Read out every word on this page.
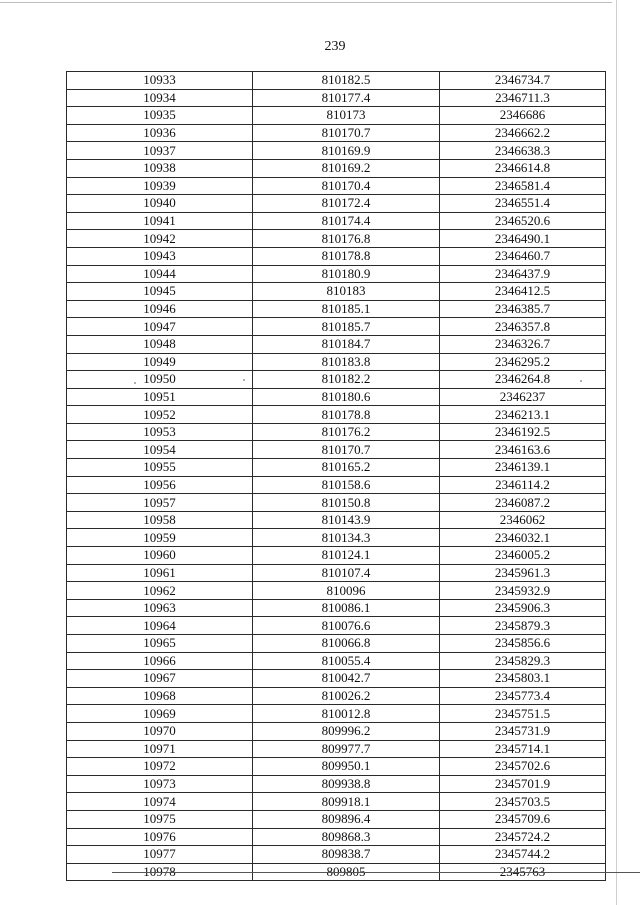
239
10933	810182.5	2346734.7
10934	810177.4	2346711.3
10935	810173	2346686
10936	810170.7	2346662.2
10937	810169.9	2346638.3
10938	810169.2	2346614.8
10939	810170.4	2346581.4
10940	810172.4	2346551.4
10941	810174.4	2346520.6
10942	810176.8	2346490.1
10943	810178.8	2346460.7
10944	810180.9	2346437.9
10945	810183	2346412.5
10946	810185.1	2346385.7
10947	810185.7	2346357.8
10948	810184.7	2346326.7
10949	810183.8	2346295.2
10950	810182.2	2346264.8
10951	810180.6	2346237
10952	810178.8	2346213.1
10953	810176.2	2346192.5
10954	810170.7	2346163.6
10955	810165.2	2346139.1
10956	810158.6	2346114.2
10957	810150.8	2346087.2
10958	810143.9	2346062
10959	810134.3	2346032.1
10960	810124.1	2346005.2
10961	810107.4	2345961.3
10962	810096	2345932.9
10963	810086.1	2345906.3
10964	810076.6	2345879.3
10965	810066.8	2345856.6
10966	810055.4	2345829.3
10967	810042.7	2345803.1
10968	810026.2	2345773.4
10969	810012.8	2345751.5
10970	809996.2	2345731.9
10971	809977.7	2345714.1
10972	809950.1	2345702.6
10973	809938.8	2345701.9
10974	809918.1	2345703.5
10975	809896.4	2345709.6
10976	809868.3	2345724.2
10977	809838.7	2345744.2
10978	809805	2345763
